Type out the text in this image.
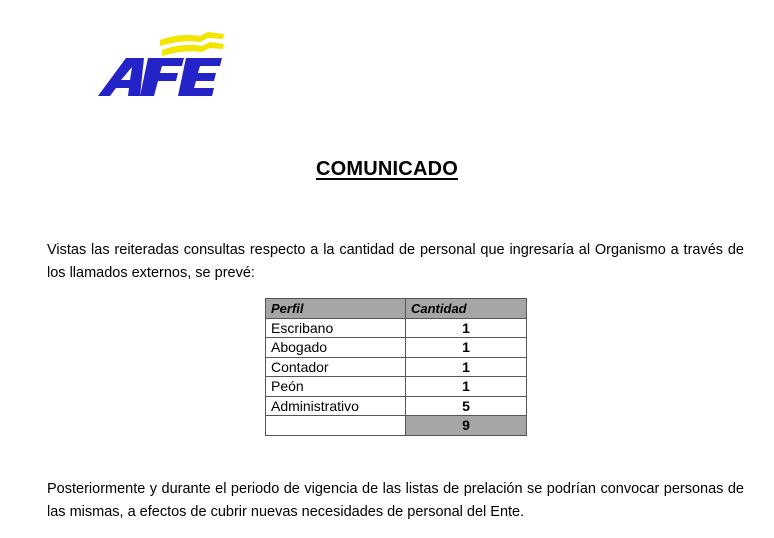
COMUNICADO

Vistas las reiteradas consultas respecto a la cantidad de personal que ingresaría al Organismo a través de los llamados externos, se prevé:

Perfil	Cantidad
Escribano	1
Abogado	1
Contador	1
Peón	1
Administrativo	5
	9

Posteriormente y durante el periodo de vigencia de las listas de prelación se podrían convocar personas de las mismas, a efectos de cubrir nuevas necesidades de personal del Ente.
